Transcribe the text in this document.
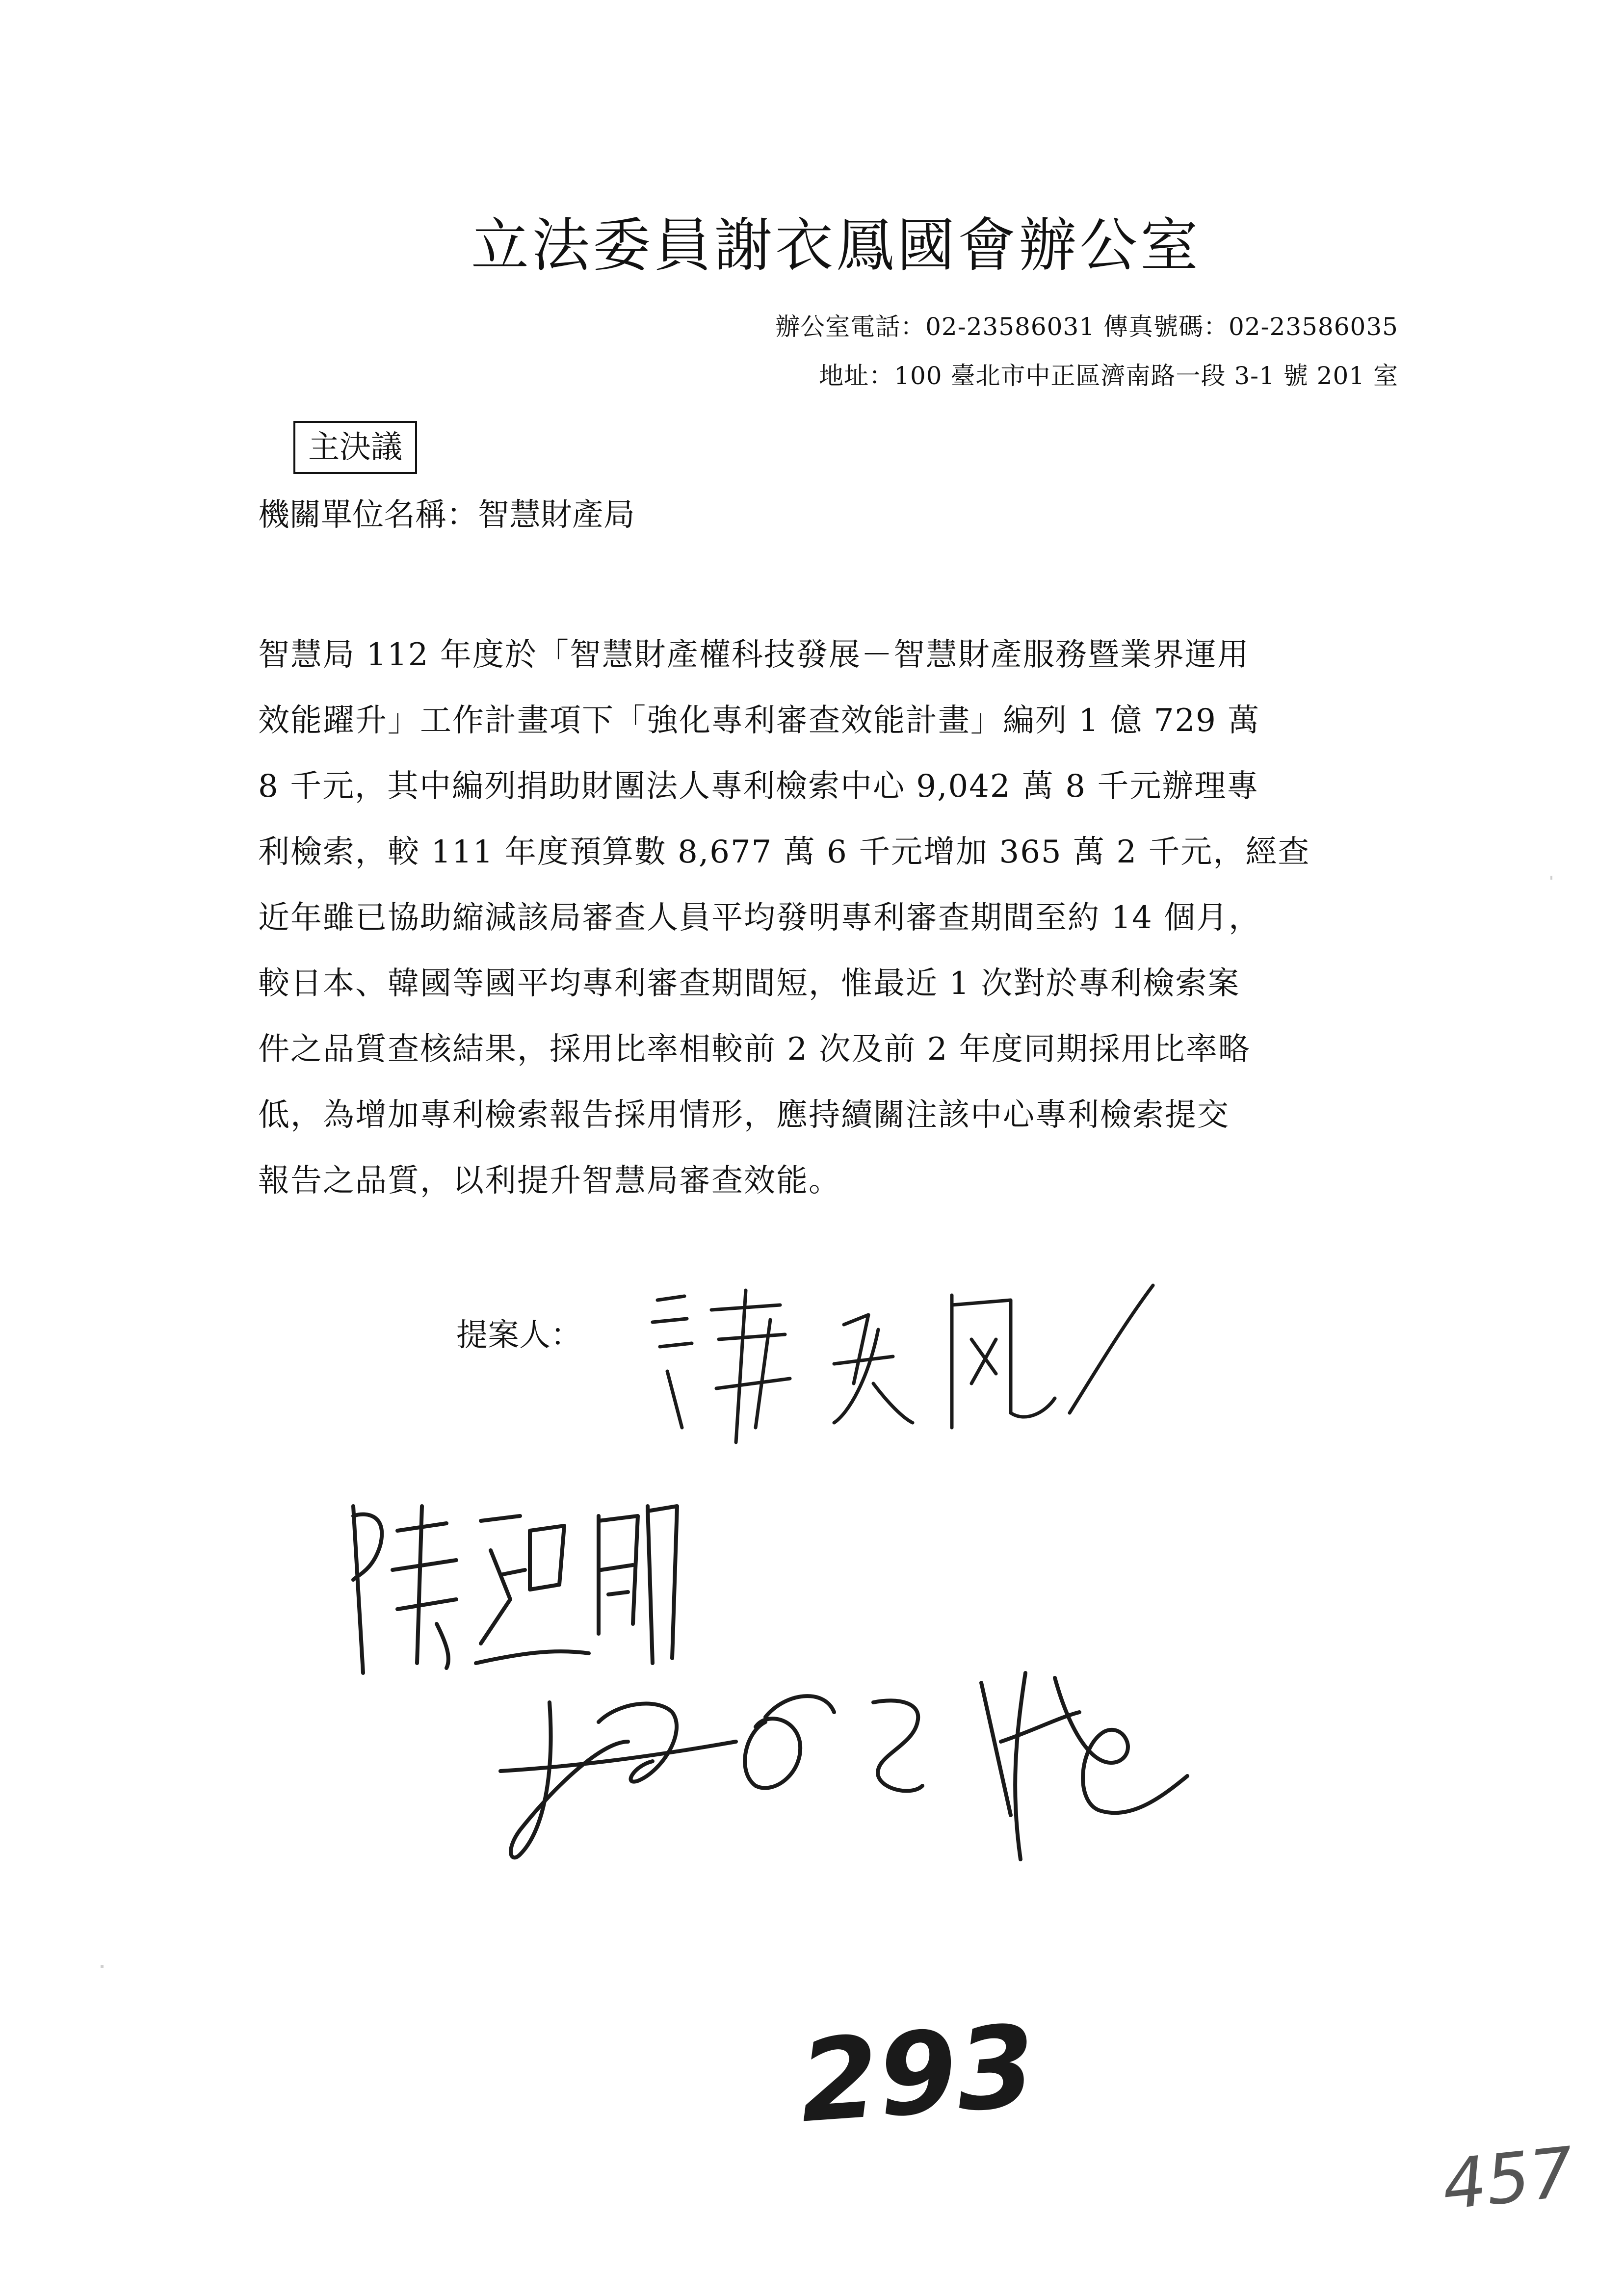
立法委員謝衣鳳國會辦公室
辦公室電話：02-23586031 傳真號碼：02-23586035
地址：100 臺北市中正區濟南路一段 3-1 號 201 室
主決議
機關單位名稱：智慧財產局
智慧局 112 年度於「智慧財產權科技發展－智慧財產服務暨業界運用
效能躍升」工作計畫項下「強化專利審查效能計畫」編列 1 億 729 萬
8 千元，其中編列捐助財團法人專利檢索中心 9,042 萬 8 千元辦理專
利檢索，較 111 年度預算數 8,677 萬 6 千元增加 365 萬 2 千元，經查
近年雖已協助縮減該局審查人員平均發明專利審查期間至約 14 個月，
較日本、韓國等國平均專利審查期間短，惟最近 1 次對於專利檢索案
件之品質查核結果，採用比率相較前 2 次及前 2 年度同期採用比率略
低，為增加專利檢索報告採用情形，應持續關注該中心專利檢索提交
報告之品質，以利提升智慧局審查效能。
提案人：
293
457
